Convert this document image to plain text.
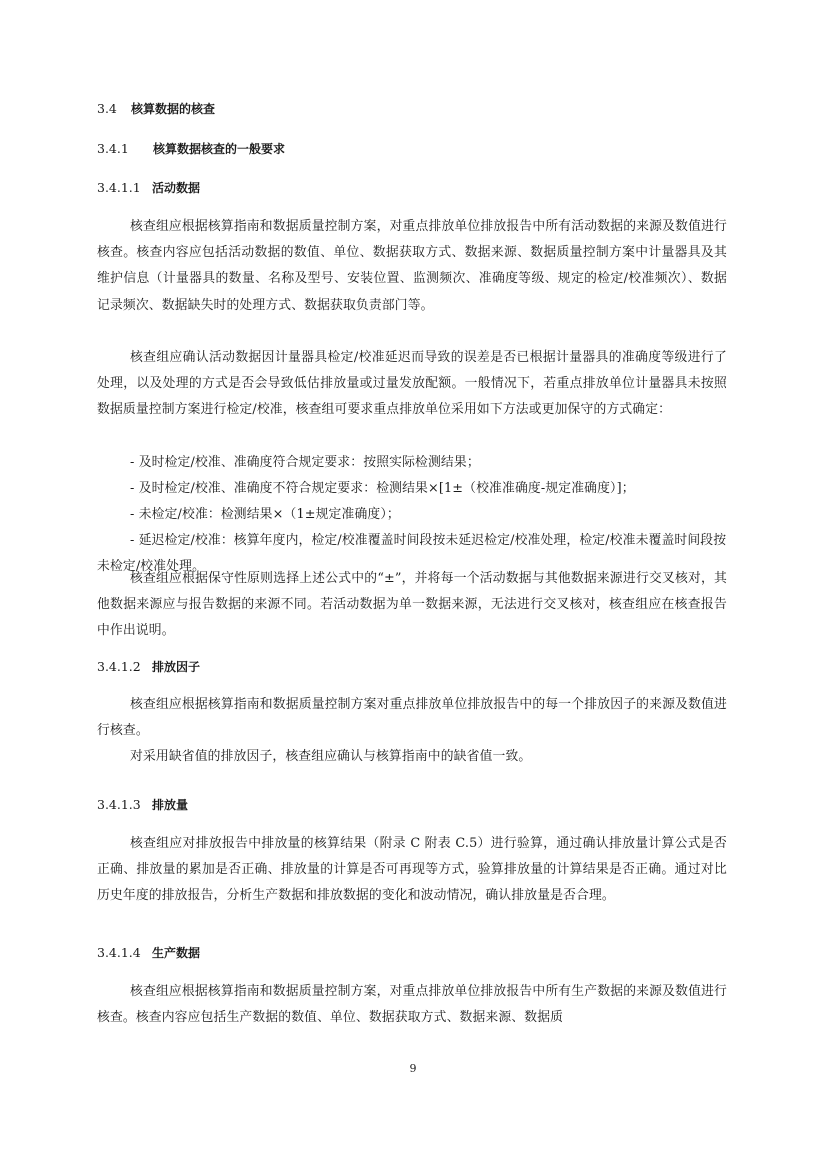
3.4 核算数据的核查
3.4.1 核算数据核查的一般要求
3.4.1.1 活动数据

核查组应根据核算指南和数据质量控制方案，对重点排放单位排放报告中所有活动数据的来源及数值进行核查。核查内容应包括活动数据的数值、单位、数据获取方式、数据来源、数据质量控制方案中计量器具及其维护信息（计量器具的数量、名称及型号、安装位置、监测频次、准确度等级、规定的检定/校准频次）、数据记录频次、数据缺失时的处理方式、数据获取负责部门等。

核查组应确认活动数据因计量器具检定/校准延迟而导致的误差是否已根据计量器具的准确度等级进行了处理，以及处理的方式是否会导致低估排放量或过量发放配额。一般情况下，若重点排放单位计量器具未按照数据质量控制方案进行检定/校准，核查组可要求重点排放单位采用如下方法或更加保守的方式确定：

- 及时检定/校准、准确度符合规定要求：按照实际检测结果；

- 及时检定/校准、准确度不符合规定要求：检测结果×[1±（校准准确度-规定准确度）]；

- 未检定/校准：检测结果×（1±规定准确度）；

- 延迟检定/校准：核算年度内，检定/校准覆盖时间段按未延迟检定/校准处理，检定/校准未覆盖时间段按未检定/校准处理。

核查组应根据保守性原则选择上述公式中的“±”，并将每一个活动数据与其他数据来源进行交叉核对，其他数据来源应与报告数据的来源不同。若活动数据为单一数据来源，无法进行交叉核对，核查组应在核查报告中作出说明。

3.4.1.2 排放因子

核查组应根据核算指南和数据质量控制方案对重点排放单位排放报告中的每一个排放因子的来源及数值进行核查。

对采用缺省值的排放因子，核查组应确认与核算指南中的缺省值一致。

3.4.1.3 排放量

核查组应对排放报告中排放量的核算结果（附录 C 附表 C.5）进行验算，通过确认排放量计算公式是否正确、排放量的累加是否正确、排放量的计算是否可再现等方式，验算排放量的计算结果是否正确。通过对比历史年度的排放报告，分析生产数据和排放数据的变化和波动情况，确认排放量是否合理。

3.4.1.4 生产数据

核查组应根据核算指南和数据质量控制方案，对重点排放单位排放报告中所有生产数据的来源及数值进行核查。核查内容应包括生产数据的数值、单位、数据获取方式、数据来源、数据质

9
